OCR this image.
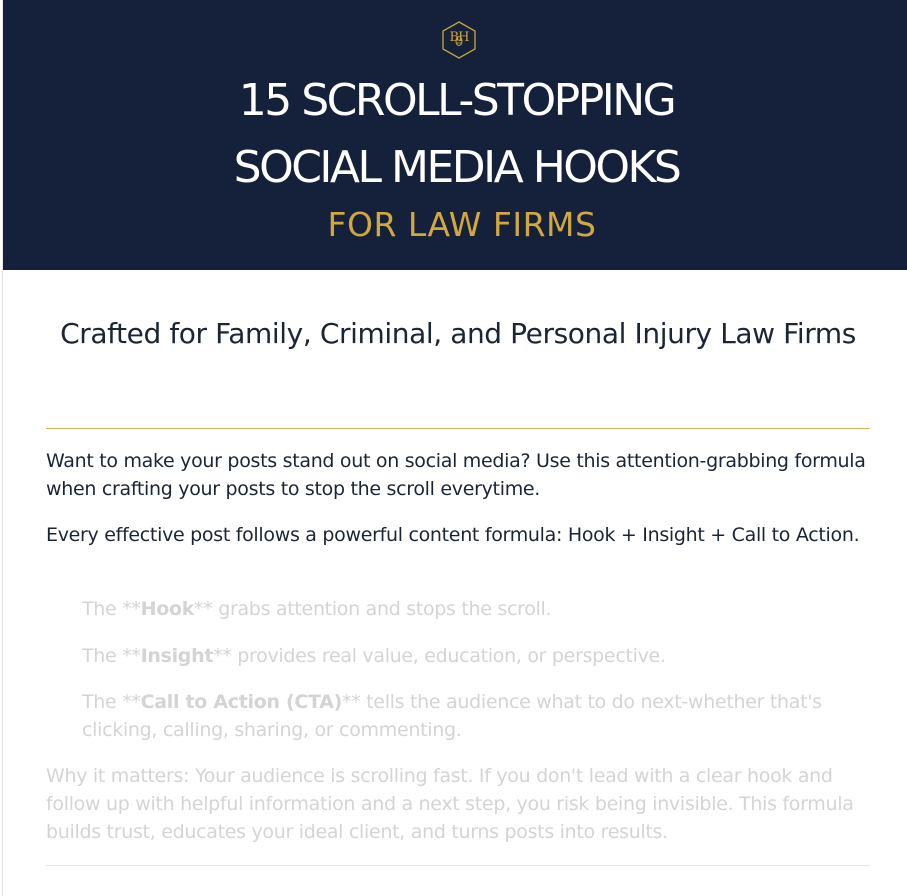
BH
15 SCROLL-STOPPING
SOCIAL MEDIA HOOKS
FOR LAW FIRMS
Crafted for Family, Criminal, and Personal Injury Law Firms
Want to make your posts stand out on social media? Use this attention-grabbing formula when crafting your posts to stop the scroll everytime.
Every effective post follows a powerful content formula: Hook + Insight + Call to Action.
The **Hook** grabs attention and stops the scroll.
The **Insight** provides real value, education, or perspective.
The **Call to Action (CTA)** tells the audience what to do next-whether that's clicking, calling, sharing, or commenting.
Why it matters: Your audience is scrolling fast. If you don't lead with a clear hook and follow up with helpful information and a next step, you risk being invisible. This formula builds trust, educates your ideal client, and turns posts into results.
